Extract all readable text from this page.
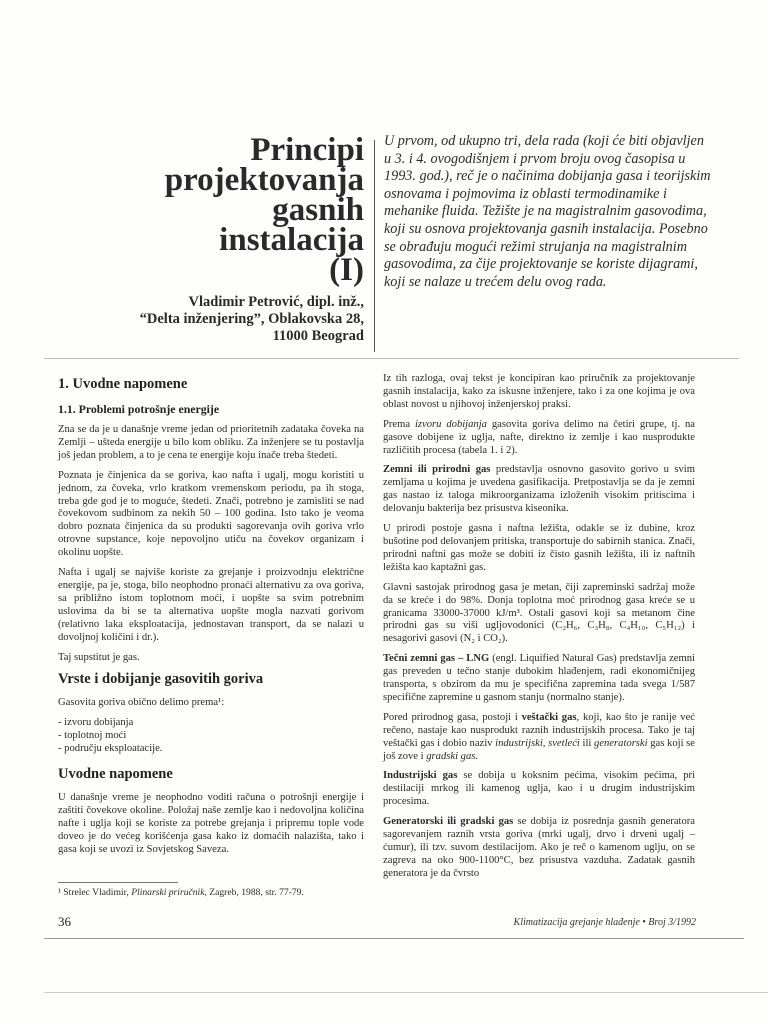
Principi
projektovanja
gasnih
instalacija
(I)

Vladimir Petrović, dipl. inž.,
“Delta inženjering”, Oblakovska 28,
11000 Beograd

U prvom, od ukupno tri, dela rada (koji će biti objavljen u 3. i 4. ovogodišnjem i prvom broju ovog časopisa u 1993. god.), reč je o načinima dobijanja gasa i teorijskim osnovama i pojmovima iz oblasti termodinamike i mehanike fluida. Težište je na magistralnim gasovodima, koji su osnova projektovanja gasnih instalacija. Posebno se obrađuju mogući režimi strujanja na magistralnim gasovodima, za čije projektovanje se koriste dijagrami, koji se nalaze u trećem delu ovog rada.

1. Uvodne napomene
1.1. Problemi potrošnje energije

Zna se da je u današnje vreme jedan od prioritetnih zadataka čoveka na Zemlji – ušteda energije u bilo kom obliku. Za inženjere se tu postavlja još jedan problem, a to je cena te energije koju inače treba štedeti.

Poznata je činjenica da se goriva, kao nafta i ugalj, mogu koristiti u jednom, za čoveka, vrlo kratkom vremenskom periodu, pa ih stoga, treba gde god je to moguće, štedeti. Znači, potrebno je zamisliti se nad čovekovom sudbinom za nekih 50 – 100 godina. Isto tako je veoma dobro poznata činjenica da su produkti sagorevanja ovih goriva vrlo otrovne supstance, koje nepovoljno utiču na čovekov organizam i okolinu uopšte.

Nafta i ugalj se najviše koriste za grejanje i proizvodnju električne energije, pa je, stoga, bilo neophodno pronaći alternativu za ova goriva, sa približno istom toplotnom moći, i uopšte sa svim potrebnim uslovima da bi se ta alternativa uopšte mogla nazvati gorivom (relativno laka eksploatacija, jednostavan transport, da se nalazi u dovoljnoj količini i dr.).

Taj supstitut je gas.

Vrste i dobijanje gasovitih goriva

Gasovita goriva obično delimo prema¹:

- izvoru dobijanja
- toplotnoj moći
- području eksploatacije.
Uvodne napomene

U današnje vreme je neophodno voditi računa o potrošnji energije i zaštiti čovekove okoline. Položaj naše zemlje kao i nedovoljna količina nafte i uglja koji se koriste za potrebe grejanja i pripremu tople vode doveo je do većeg korišćenja gasa kako iz domaćih nalazišta, tako i gasa koji se uvozi iz Sovjetskog Saveza.

¹ Strelec Vladimir, Plinarski priručnik, Zagreb, 1988, str. 77-79.

Iz tih razloga, ovaj tekst je koncipiran kao priručnik za projektovanje gasnih instalacija, kako za iskusne inženjere, tako i za one kojima je ova oblast novost u njihovoj inženjerskoj praksi.

Prema izvoru dobijanja gasovita goriva delimo na četiri grupe, tj. na gasove dobijene iz uglja, nafte, direktno iz zemlje i kao nusprodukte različitih procesa (tabela 1. i 2).

Zemni ili prirodni gas predstavlja osnovno gasovito gorivo u svim zemljama u kojima je uvedena gasifikacija. Pretpostavlja se da je zemni gas nastao iz taloga mikroorganizama izloženih visokim pritiscima i delovanju bakterija bez prisustva kiseonika.

U prirodi postoje gasna i naftna ležišta, odakle se iz dubine, kroz bušotine pod delovanjem pritiska, transportuje do sabirnih stanica. Znači, prirodni naftni gas može se dobiti iz čisto gasnih ležišta, ili iz naftnih ležišta kao kaptažni gas.

Glavni sastojak prirodnog gasa je metan, čiji zapreminski sadržaj može da se kreće i do 98%. Donja toplotna moć prirodnog gasa kreće se u granicama 33000-37000 kJ/m³. Ostali gasovi koji sa metanom čine prirodni gas su viši ugljovodonici (C₂H₆, C₃H₈, C₄H₁₀, C₅H₁₂) i nesagorivi gasovi (N₂ i CO₂).

Tečni zemni gas – LNG (engl. Liquified Natural Gas) predstavlja zemni gas preveden u tečno stanje dubokim hlađenjem, radi ekonomičnijeg transporta, s obzirom da mu je specifična zapremina tada svega 1/587 specifične zapremine u gasnom stanju (normalno stanje).

Pored prirodnog gasa, postoji i veštački gas, koji, kao što je ranije već rečeno, nastaje kao nusprodukt raznih industrijskih procesa. Tako je taj veštački gas i dobio naziv industrijski, svetleći ili generatorski gas koji se još zove i gradski gas.

Industrijski gas se dobija u koksnim pećima, visokim pećima, pri destilaciji mrkog ili kamenog uglja, kao i u drugim industrijskim procesima.

Generatorski ili gradski gas se dobija iz posrednja gasnih generatora sagorevanjem raznih vrsta goriva (mrki ugalj, drvo i drveni ugalj – ćumur), ili tzv. suvom destilacijom. Ako je reč o kamenom uglju, on se zagreva na oko 900-1100°C, bez prisustva vazduha. Zadatak gasnih generatora je da čvrsto

36	Klimatizacija grejanje hlađenje • Broj 3/1992
